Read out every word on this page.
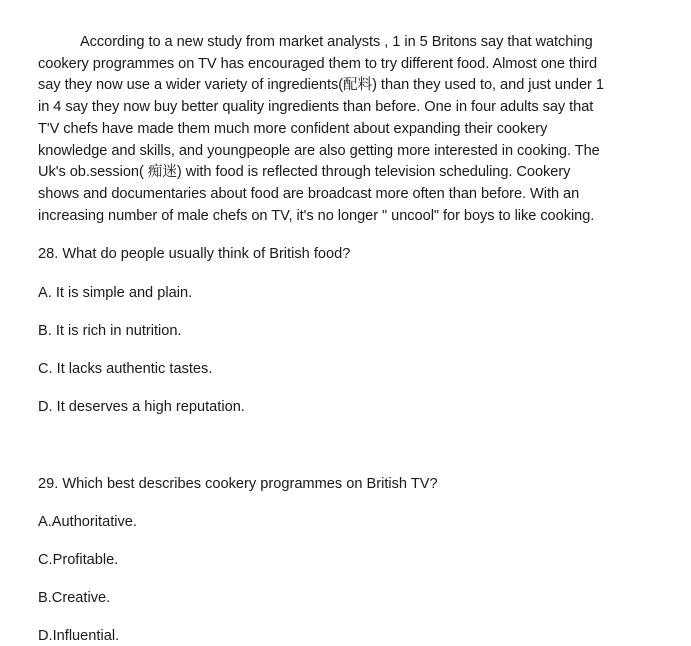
According to a new study from market analysts , 1 in 5 Britons say that watching
cookery programmes on TV has encouraged them to try different food. Almost one third
say they now use a wider variety of ingredients(配料) than they used to, and just under 1
in 4 say they now buy better quality ingredients than before. One in four adults say that
T'V chefs have made them much more confident about expanding their cookery
knowledge and skills, and youngpeople are also getting more interested in cooking. The
Uk's ob.session( 痴迷) with food is reflected through television scheduling. Cookery
shows and documentaries about food are broadcast more often than before. With an
increasing number of male chefs on TV, it's no longer " uncool" for boys to like cooking.

28. What do people usually think of British food?
A. It is simple and plain.
B. It is rich in nutrition.
C. It lacks authentic tastes.
D. It deserves a high reputation.
29. Which best describes cookery programmes on British TV?
A.Authoritative.
C.Profitable.
B.Creative.
D.Influential.
